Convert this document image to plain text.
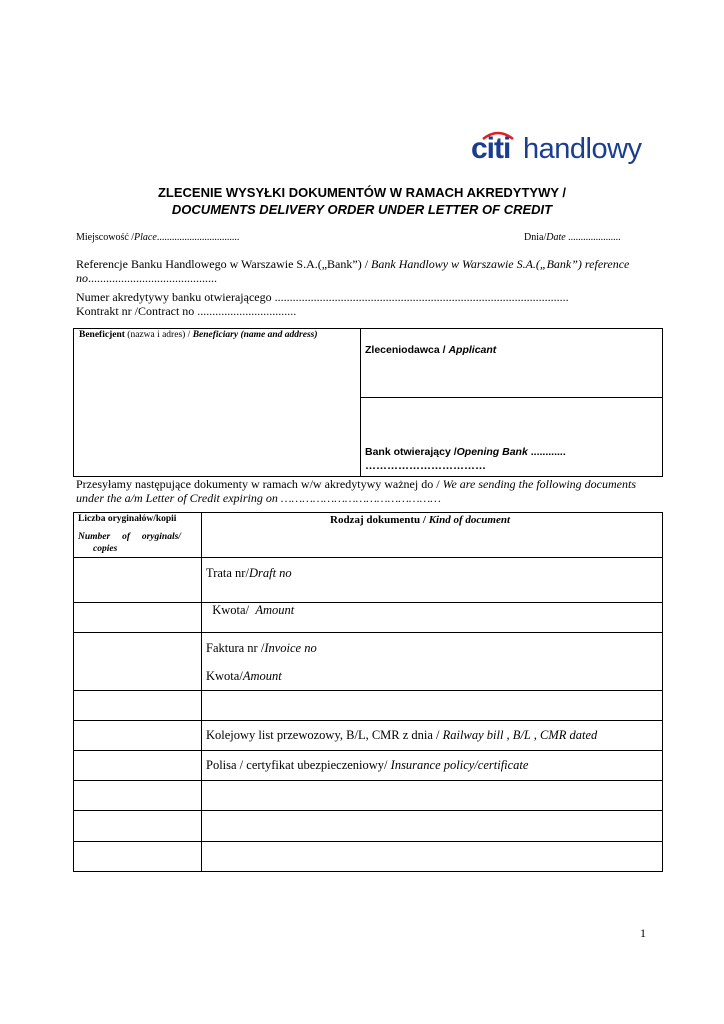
citi handlowy
ZLECENIE WYSYŁKI DOKUMENTÓW W RAMACH AKREDYTYWY /
DOCUMENTS DELIVERY ORDER UNDER LETTER OF CREDIT
Miejscowość /Place.................................	Dnia/Date .....................
Referencje Banku Handlowego w Warszawie S.A.(„Bank”) / Bank Handlowy w Warszawie S.A.(„Bank”) reference
no...........................................
Numer akredytywy banku otwierającego ..................................................................................................
Kontrakt nr /Contract no .................................
Beneficjent (nazwa i adres) / Beneficiary (name and address)
Zleceniodawca / Applicant
Bank otwierający /Opening Bank ............
……………………………
Przesyłamy następujące dokumenty w ramach w/w akredytywy ważnej do / We are sending the following documents
under the a/m Letter of Credit expiring on ………………………………………
Liczba oryginałów/kopii
Number     of     oryginals/
copies
Rodzaj dokumentu / Kind of document
Trata nr/Draft no

Kwota/  Amount

Faktura nr /Invoice no
Kwota/Amount
Kolejowy list przewozowy, B/L, CMR z dnia / Railway bill , B/L , CMR dated
Polisa / certyfikat ubezpieczeniowy/ Insurance policy/certificate
1
